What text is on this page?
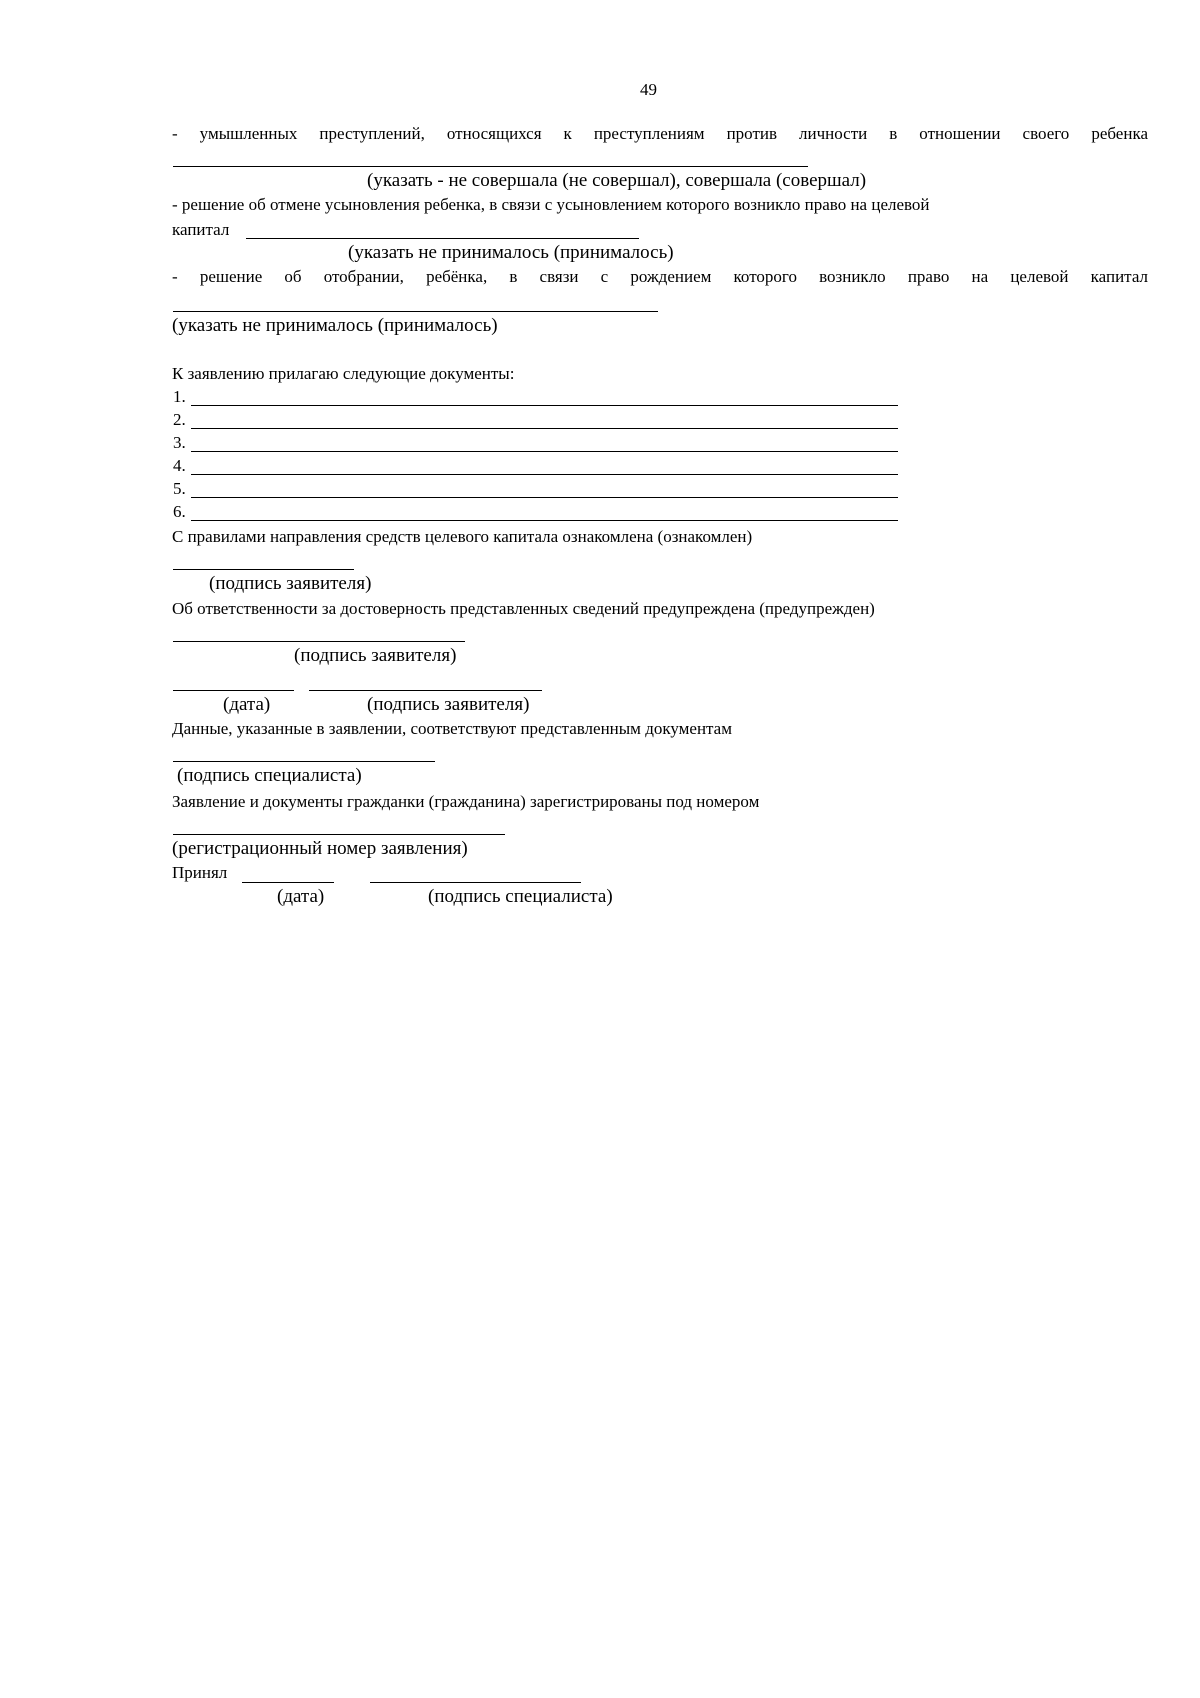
49
- умышленных преступлений, относящихся к преступлениям против личности в отношении своего ребенка
(указать - не совершала (не совершал), совершала (совершал)
- решение об отмене усыновления ребенка, в связи с усыновлением которого возникло право на целевой
капитал
(указать не принималось (принималось)
- решение об отобрании, ребёнка, в связи с рождением которого возникло право на целевой капитал
(указать не принималось (принималось)
К заявлению прилагаю следующие документы:
1.
2.
3.
4.
5.
6.
С правилами направления средств целевого капитала ознакомлена (ознакомлен)
(подпись заявителя)
Об ответственности за достоверность представленных сведений предупреждена (предупрежден)
(подпись заявителя)
(дата)	(подпись заявителя)
Данные, указанные в заявлении, соответствуют представленным документам
(подпись специалиста)
Заявление и документы гражданки (гражданина) зарегистрированы под номером
(регистрационный номер заявления)
Принял
(дата)	(подпись специалиста)
